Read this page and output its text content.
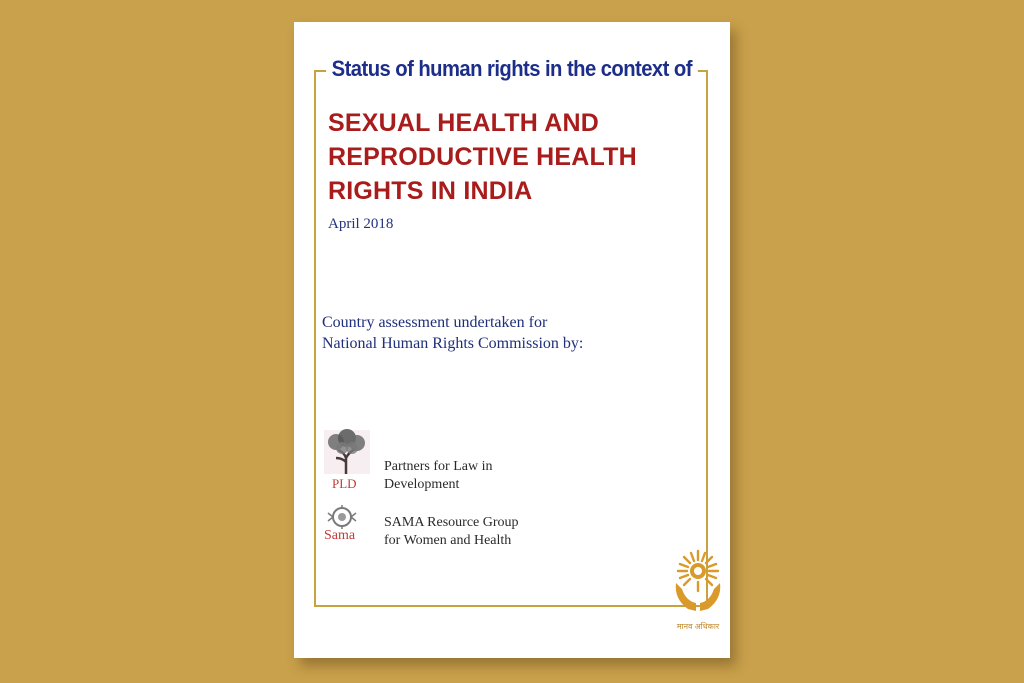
Status of human rights in the context of
SEXUAL HEALTH AND
REPRODUCTIVE HEALTH
RIGHTS IN INDIA
April 2018
Country assessment undertaken for
National Human Rights Commission by:
PLD
Partners for Law in
Development
Sama
SAMA Resource Group
for Women and Health
मानव अधिकार
